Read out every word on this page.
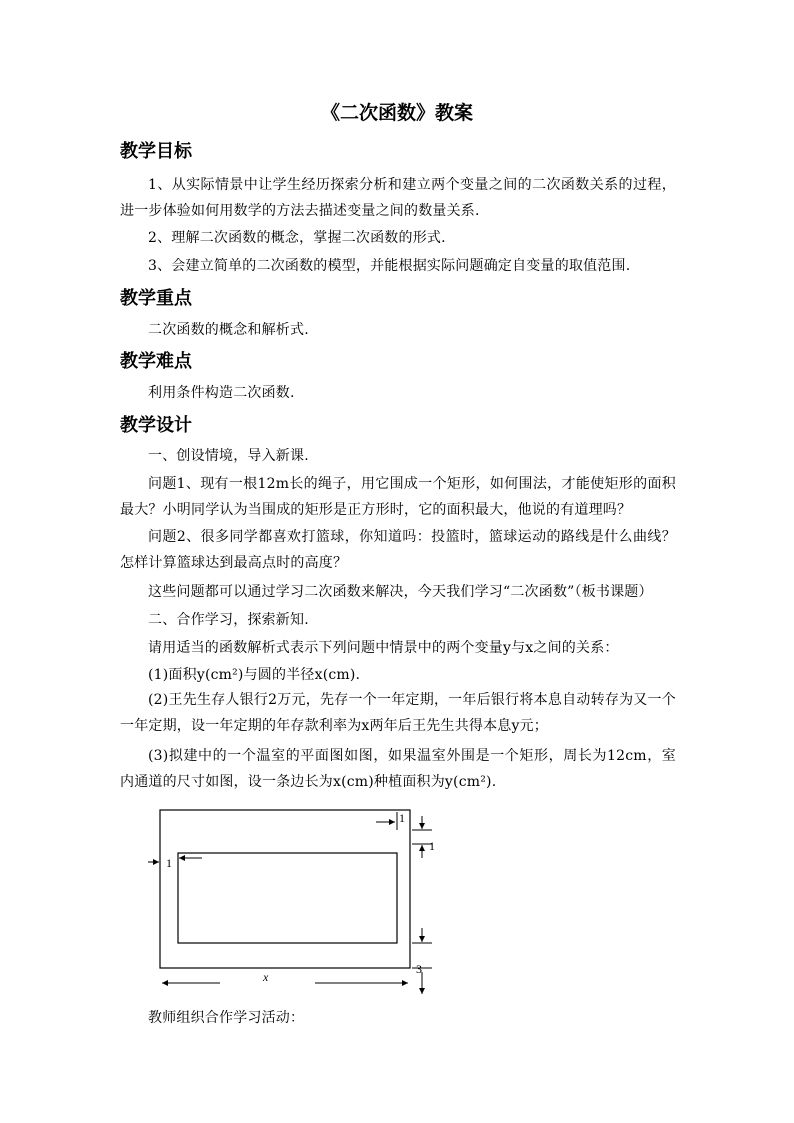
《二次函数》教案
教学目标

1、从实际情景中让学生经历探索分析和建立两个变量之间的二次函数关系的过程，进一步体验如何用数学的方法去描述变量之间的数量关系.

2、理解二次函数的概念，掌握二次函数的形式.

3、会建立简单的二次函数的模型，并能根据实际问题确定自变量的取值范围.

教学重点

二次函数的概念和解析式.

教学难点

利用条件构造二次函数.

教学设计

一、创设情境，导入新课.

问题1、现有一根12m长的绳子，用它围成一个矩形，如何围法，才能使矩形的面积最大？小明同学认为当围成的矩形是正方形时，它的面积最大，他说的有道理吗？

问题2、很多同学都喜欢打篮球，你知道吗：投篮时，篮球运动的路线是什么曲线？怎样计算篮球达到最高点时的高度？

这些问题都可以通过学习二次函数来解决，今天我们学习“二次函数”（板书课题）

二、合作学习，探索新知.

请用适当的函数解析式表示下列问题中情景中的两个变量y与x之间的关系：

(1)面积y(cm²)与圆的半径x(cm).

(2)王先生存人银行2万元，先存一个一年定期，一年后银行将本息自动转存为又一个一年定期，设一年定期的年存款利率为x两年后王先生共得本息y元；

(3)拟建中的一个温室的平面图如图，如果温室外围是一个矩形，周长为12cm，室内通道的尺寸如图，设一条边长为x(cm)种植面积为y(cm²).

1
1
1
3
x

教师组织合作学习活动：
